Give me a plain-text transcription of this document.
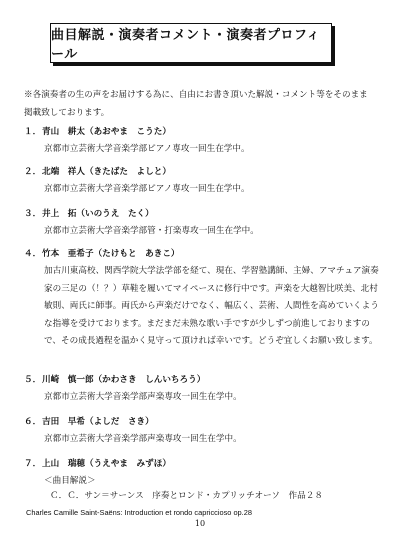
曲目解説・演奏者コメント・演奏者プロフィール
※各演奏者の生の声をお届けする為に、自由にお書き頂いた解説・コメント等をそのまま掲載致しております。
１． 青山　耕太（あおやま　こうた）
京都市立芸術大学音楽学部ピアノ専攻一回生在学中。
２． 北端　祥人（きたばた　よしと）
京都市立芸術大学音楽学部ピアノ専攻一回生在学中。
３． 井上　拓（いのうえ　たく）
京都市立芸術大学音楽学部管・打楽専攻一回生在学中。
４． 竹本　亜希子（たけもと　あきこ）
加古川東高校、関西学院大学法学部を経て、現在、学習塾講師、主婦、アマチュア演奏家の三足の（！？）草鞋を履いてマイペースに修行中です。声楽を大越智比咲美、北村敏則、両氏に師事。両氏から声楽だけでなく、幅広く、芸術、人間性を高めていくような指導を受けております。まだまだ未熟な歌い手ですが少しずつ前進しておりますので、その成長過程を温かく見守って頂ければ幸いです。どうぞ宜しくお願い致します。
５． 川崎　慎一郎（かわさき　しんいちろう）
京都市立芸術大学音楽学部声楽専攻一回生在学中。
６． 吉田　早希（よしだ　さき）
京都市立芸術大学音楽学部声楽専攻一回生在学中。
７． 上山　瑞穂（うえやま　みずほ）
＜曲目解説＞
Ｃ．Ｃ．サン＝サーンス　序奏とロンド・カプリッチオーソ　作品２８
Charles Camille Saint-Saëns: Introduction et rondo capriccioso op.28
10
